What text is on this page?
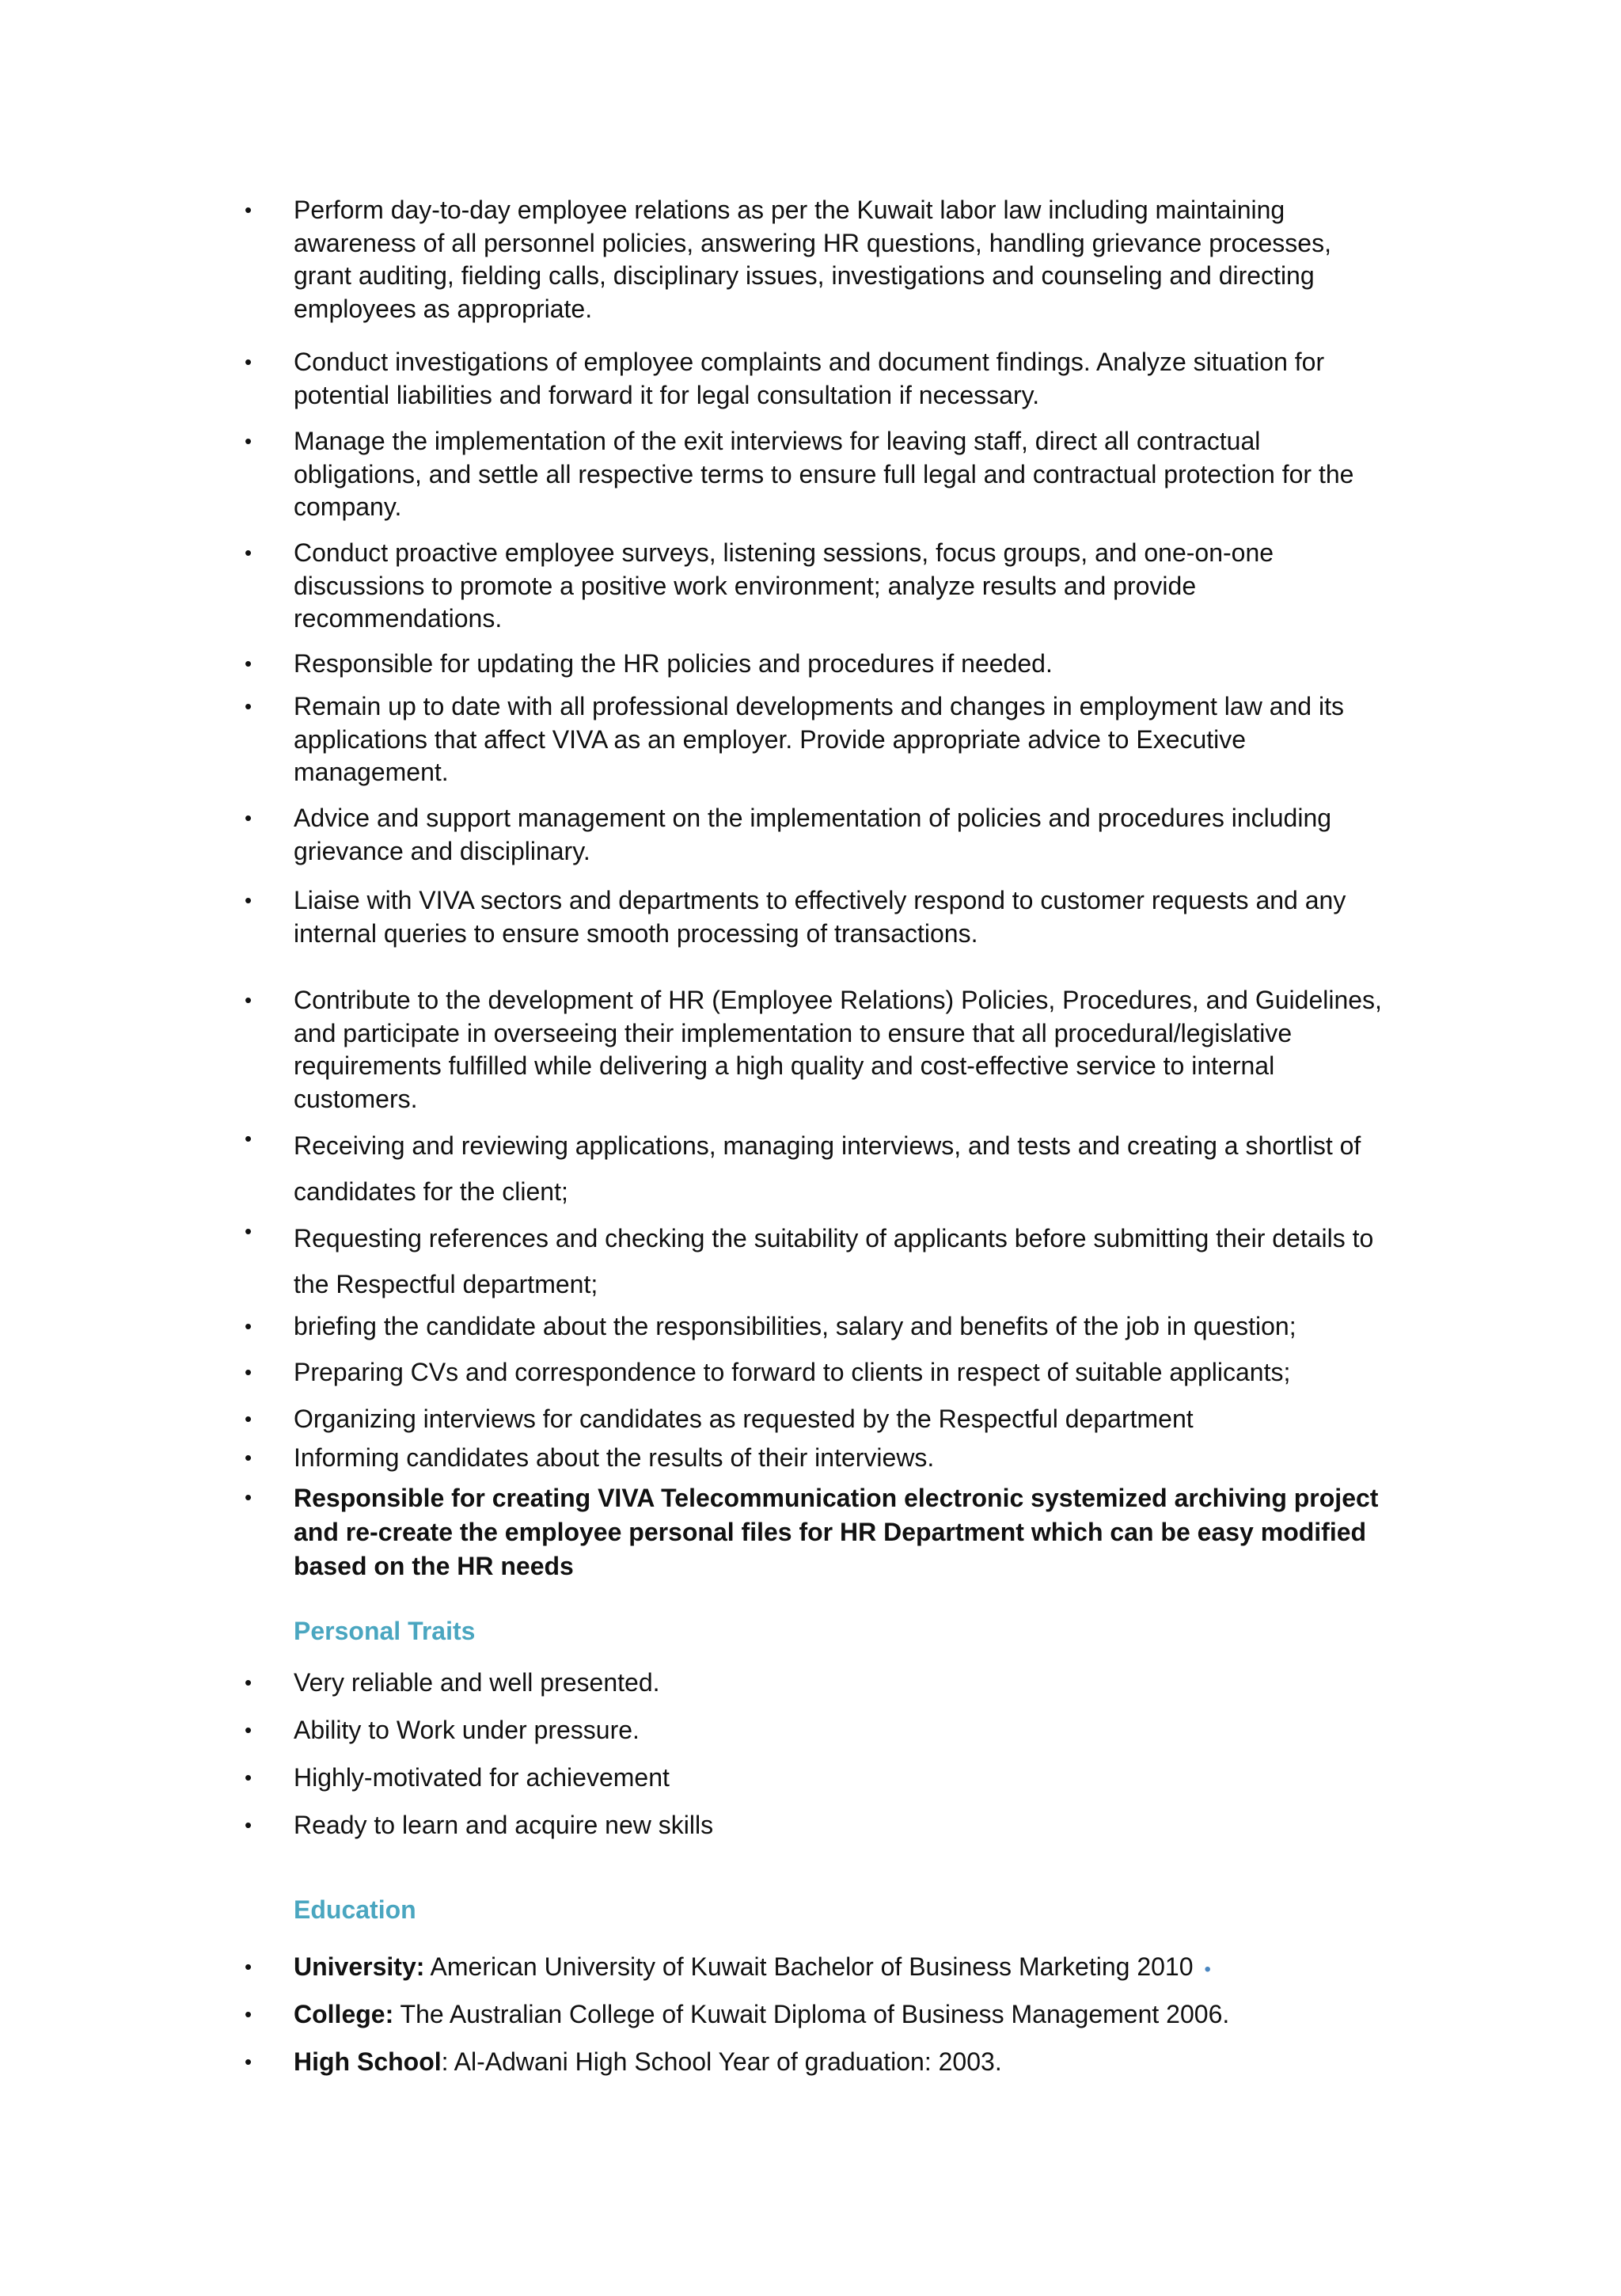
• Perform day-to-day employee relations as per the Kuwait labor law including maintaining awareness of all personnel policies, answering HR questions, handling grievance processes, grant auditing, fielding calls, disciplinary issues, investigations and counseling and directing employees as appropriate.
• Conduct investigations of employee complaints and document findings. Analyze situation for potential liabilities and forward it for legal consultation if necessary.
• Manage the implementation of the exit interviews for leaving staff, direct all contractual obligations, and settle all respective terms to ensure full legal and contractual protection for the company.
• Conduct proactive employee surveys, listening sessions, focus groups, and one-on-one discussions to promote a positive work environment; analyze results and provide recommendations.
• Responsible for updating the HR policies and procedures if needed.
• Remain up to date with all professional developments and changes in employment law and its applications that affect VIVA as an employer. Provide appropriate advice to Executive management.
• Advice and support management on the implementation of policies and procedures including grievance and disciplinary.
• Liaise with VIVA sectors and departments to effectively respond to customer requests and any internal queries to ensure smooth processing of transactions.
• Contribute to the development of HR (Employee Relations) Policies, Procedures, and Guidelines, and participate in overseeing their implementation to ensure that all procedural/legislative requirements fulfilled while delivering a high quality and cost-effective service to internal customers.
• Receiving and reviewing applications, managing interviews, and tests and creating a shortlist of candidates for the client;
• Requesting references and checking the suitability of applicants before submitting their details to the Respectful department;
• briefing the candidate about the responsibilities, salary and benefits of the job in question;
• Preparing CVs and correspondence to forward to clients in respect of suitable applicants;
• Organizing interviews for candidates as requested by the Respectful department
• Informing candidates about the results of their interviews.
• Responsible for creating VIVA Telecommunication electronic systemized archiving project and re-create the employee personal files for HR Department which can be easy modified based on the HR needs
Personal Traits
• Very reliable and well presented.
• Ability to Work under pressure.
• Highly-motivated for achievement
• Ready to learn and acquire new skills
Education
• University: American University of Kuwait Bachelor of Business Marketing 2010 •
• College: The Australian College of Kuwait Diploma of Business Management 2006.
• High School: Al-Adwani High School Year of graduation: 2003.
